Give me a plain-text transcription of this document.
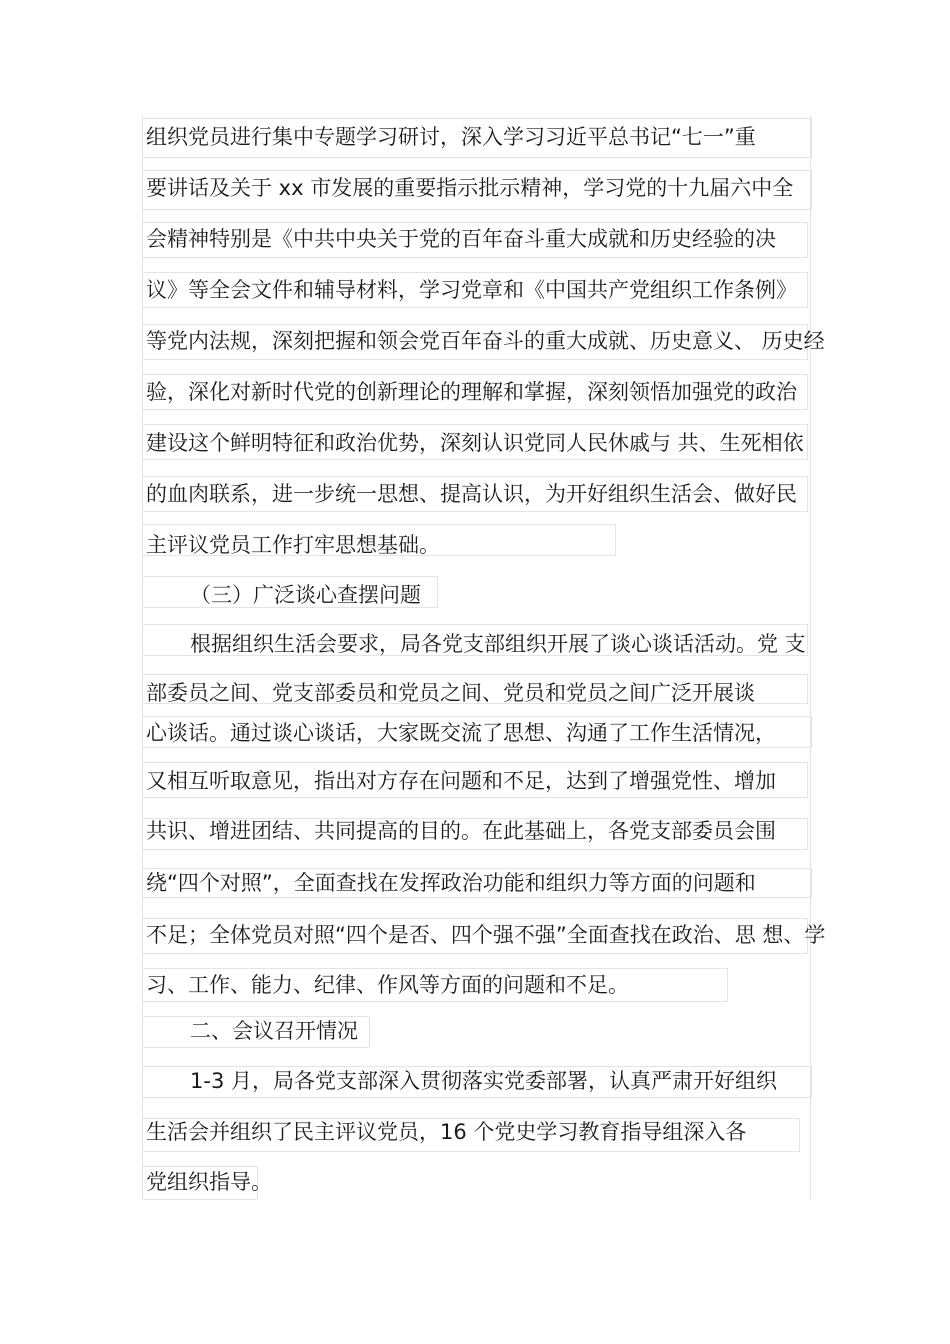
组织党员进行集中专题学习研讨，深入学习习近平总书记“七一”重
要讲话及关于 xx 市发展的重要指示批示精神，学习党的十九届六中全
会精神特别是《中共中央关于党的百年奋斗重大成就和历史经验的决
议》等全会文件和辅导材料，学习党章和《中国共产党组织工作条例》
等党内法规，深刻把握和领会党百年奋斗的重大成就、历史意义、 历史经
验，深化对新时代党的创新理论的理解和掌握，深刻领悟加强党的政治
建设这个鲜明特征和政治优势，深刻认识党同人民休戚与 共、生死相依
的血肉联系，进一步统一思想、提高认识，为开好组织生活会、做好民
主评议党员工作打牢思想基础。
（三）广泛谈心查摆问题
根据组织生活会要求，局各党支部组织开展了谈心谈话活动。党 支
部委员之间、党支部委员和党员之间、党员和党员之间广泛开展谈
心谈话。通过谈心谈话，大家既交流了思想、沟通了工作生活情况，
又相互听取意见，指出对方存在问题和不足，达到了增强党性、增加
共识、增进团结、共同提高的目的。在此基础上，各党支部委员会围
绕“四个对照”，全面查找在发挥政治功能和组织力等方面的问题和
不足；全体党员对照“四个是否、四个强不强”全面查找在政治、思 想、学
习、工作、能力、纪律、作风等方面的问题和不足。
二、会议召开情况
1-3 月，局各党支部深入贯彻落实党委部署，认真严肃开好组织
生活会并组织了民主评议党员，16 个党史学习教育指导组深入各
党组织指导。
